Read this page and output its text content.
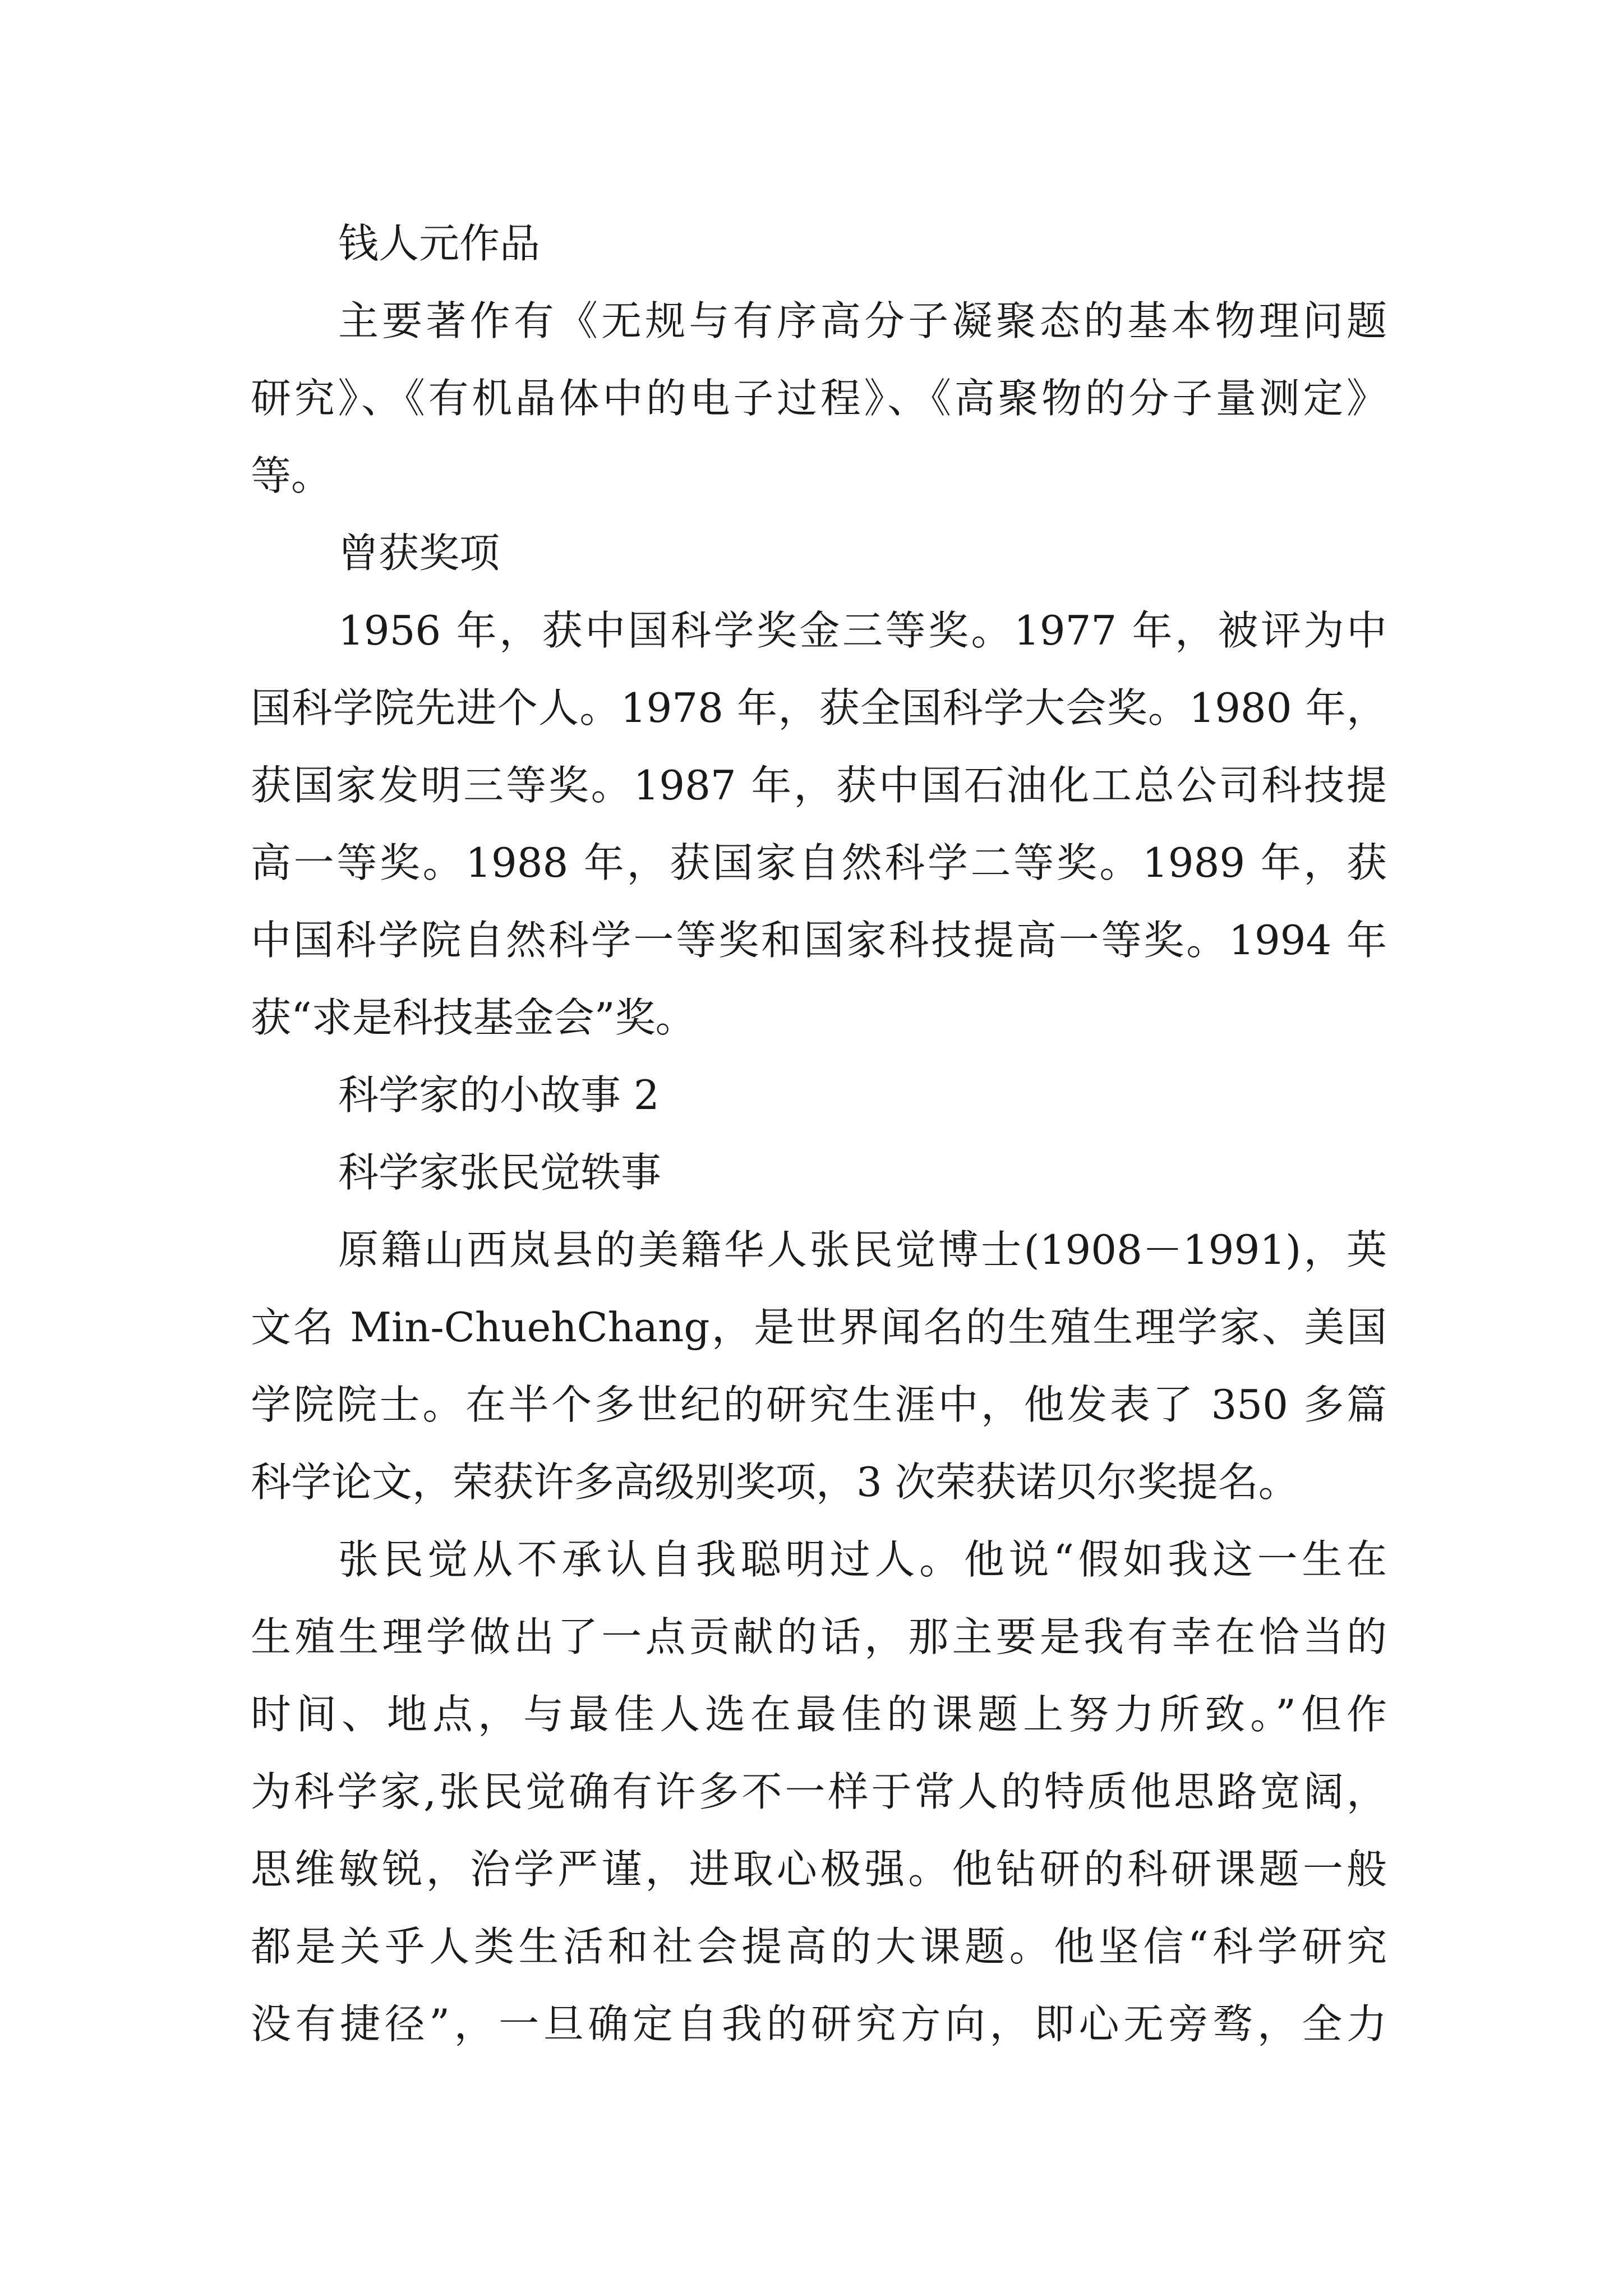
钱人元作品
主要著作有《无规与有序高分子凝聚态的基本物理问题
研究》、《有机晶体中的电子过程》、《高聚物的分子量测定》
等。
曾获奖项
1956 年，获中国科学奖金三等奖。1977 年，被评为中
国科学院先进个人。1978 年，获全国科学大会奖。1980 年，
获国家发明三等奖。1987 年，获中国石油化工总公司科技提
高一等奖。1988 年，获国家自然科学二等奖。1989 年，获
中国科学院自然科学一等奖和国家科技提高一等奖。1994 年
获“求是科技基金会”奖。
科学家的小故事 2
科学家张民觉轶事
原籍山西岚县的美籍华人张民觉博士(1908－1991)，英
文名 Min-ChuehChang，是世界闻名的生殖生理学家、美国
学院院士。在半个多世纪的研究生涯中，他发表了 350 多篇
科学论文，荣获许多高级别奖项，3 次荣获诺贝尔奖提名。
张民觉从不承认自我聪明过人。他说“假如我这一生在
生殖生理学做出了一点贡献的话，那主要是我有幸在恰当的
时间、地点，与最佳人选在最佳的课题上努力所致。”但作
为科学家,张民觉确有许多不一样于常人的特质他思路宽阔，
思维敏锐，治学严谨，进取心极强。他钻研的科研课题一般
都是关乎人类生活和社会提高的大课题。他坚信“科学研究
没有捷径”，一旦确定自我的研究方向，即心无旁骛，全力
